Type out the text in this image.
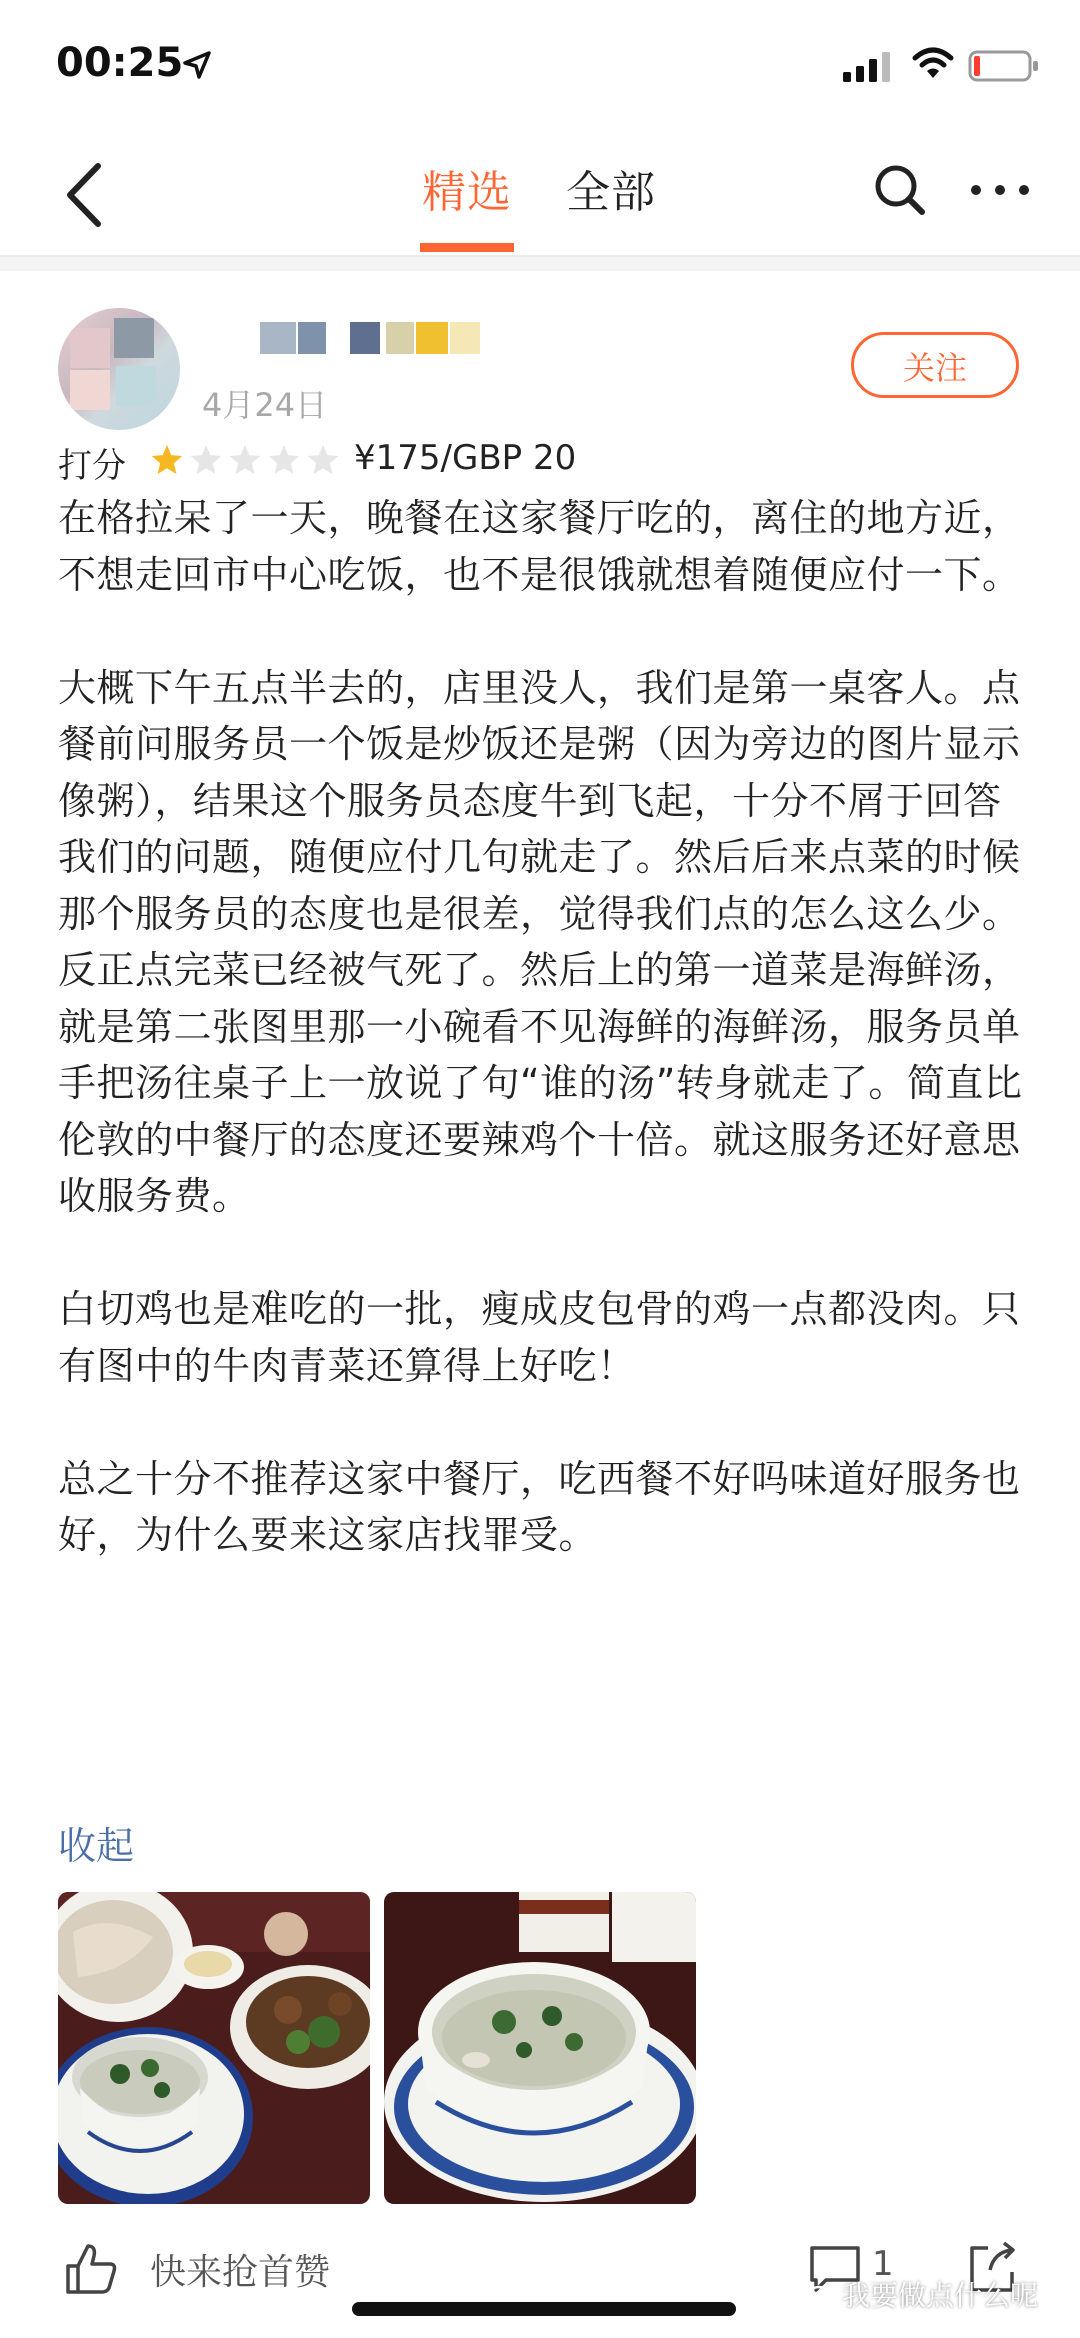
00:25
精选 全部
4月24日
关注
打分	¥175/GBP 20

在格拉呆了一天，晚餐在这家餐厅吃的，离住的地方近，不想走回市中心吃饭，也不是很饿就想着随便应付一下。

大概下午五点半去的，店里没人，我们是第一桌客人。点餐前问服务员一个饭是炒饭还是粥（因为旁边的图片显示像粥），结果这个服务员态度牛到飞起，十分不屑于回答我们的问题，随便应付几句就走了。然后后来点菜的时候那个服务员的态度也是很差，觉得我们点的怎么这么少。 反正点完菜已经被气死了。然后上的第一道菜是海鲜汤，就是第二张图里那一小碗看不见海鲜的海鲜汤，服务员单手把汤往桌子上一放说了句“谁的汤”转身就走了。简直比伦敦的中餐厅的态度还要辣鸡个十倍。就这服务还好意思收服务费。

白切鸡也是难吃的一批，瘦成皮包骨的鸡一点都没肉。只有图中的牛肉青菜还算得上好吃！

总之十分不推荐这家中餐厅，吃西餐不好吗味道好服务也好，为什么要来这家店找罪受。

收起
快来抢首赞	1
我要做点什么呢
